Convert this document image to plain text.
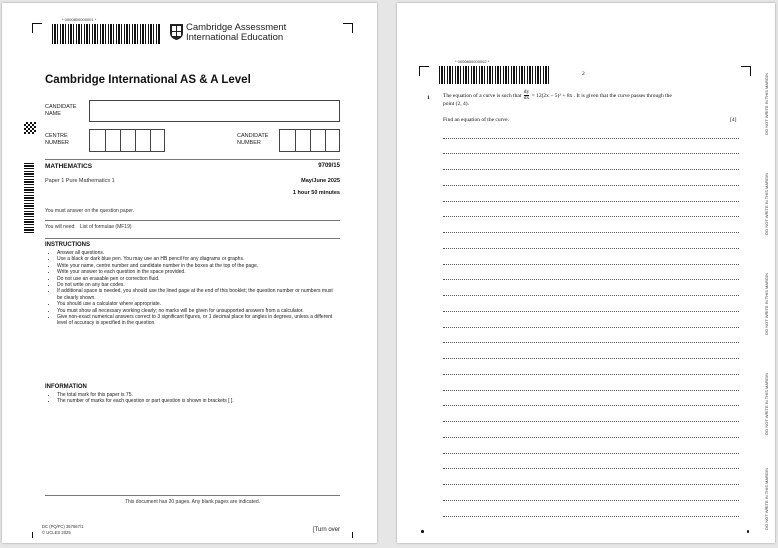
* 0000800000001 *
Cambridge Assessment
International Education
Cambridge International AS & A Level
CANDIDATE NAME
CENTRE NUMBER
CANDIDATE NUMBER
MATHEMATICS	9709/15
Paper 1 Pure Mathematics 1	May/June 2025
1 hour 50 minutes
You must answer on the question paper.
You will need: List of formulae (MF19)
INSTRUCTIONS
• Answer all questions.
• Use a black or dark blue pen. You may use an HB pencil for any diagrams or graphs.
• Write your name, centre number and candidate number in the boxes at the top of the page.
• Write your answer to each question in the space provided.
• Do not use an erasable pen or correction fluid.
• Do not write on any bar codes.
• If additional space is needed, you should use the lined page at the end of this booklet; the question number or numbers must be clearly shown.
• You should use a calculator where appropriate.
• You must show all necessary working clearly; no marks will be given for unsupported answers from a calculator.
• Give non-exact numerical answers correct to 3 significant figures, or 1 decimal place for angles in degrees, unless a different level of accuracy is specified in the question.
INFORMATION
• The total mark for this paper is 75.
• The number of marks for each question or part question is shown in brackets [ ].
This document has 20 pages. Any blank pages are indicated.
DC (PQ/FC) 357567/1
© UCLES 2025	[Turn over
* 0000800000002 *
2
1 The equation of a curve is such that $\frac{dy}{dx} = 12(2x - 5)^2 + 8x$ . It is given that the curve passes through the
point (2, 4).
Find an equation of the curve.	[4]	DO NOT WRITE IN THIS MARGIN
DO NOT WRITE IN THIS MARGIN
DO NOT WRITE IN THIS MARGIN
DO NOT WRITE IN THIS MARGIN
DO NOT WRITE IN THIS MARGIN
